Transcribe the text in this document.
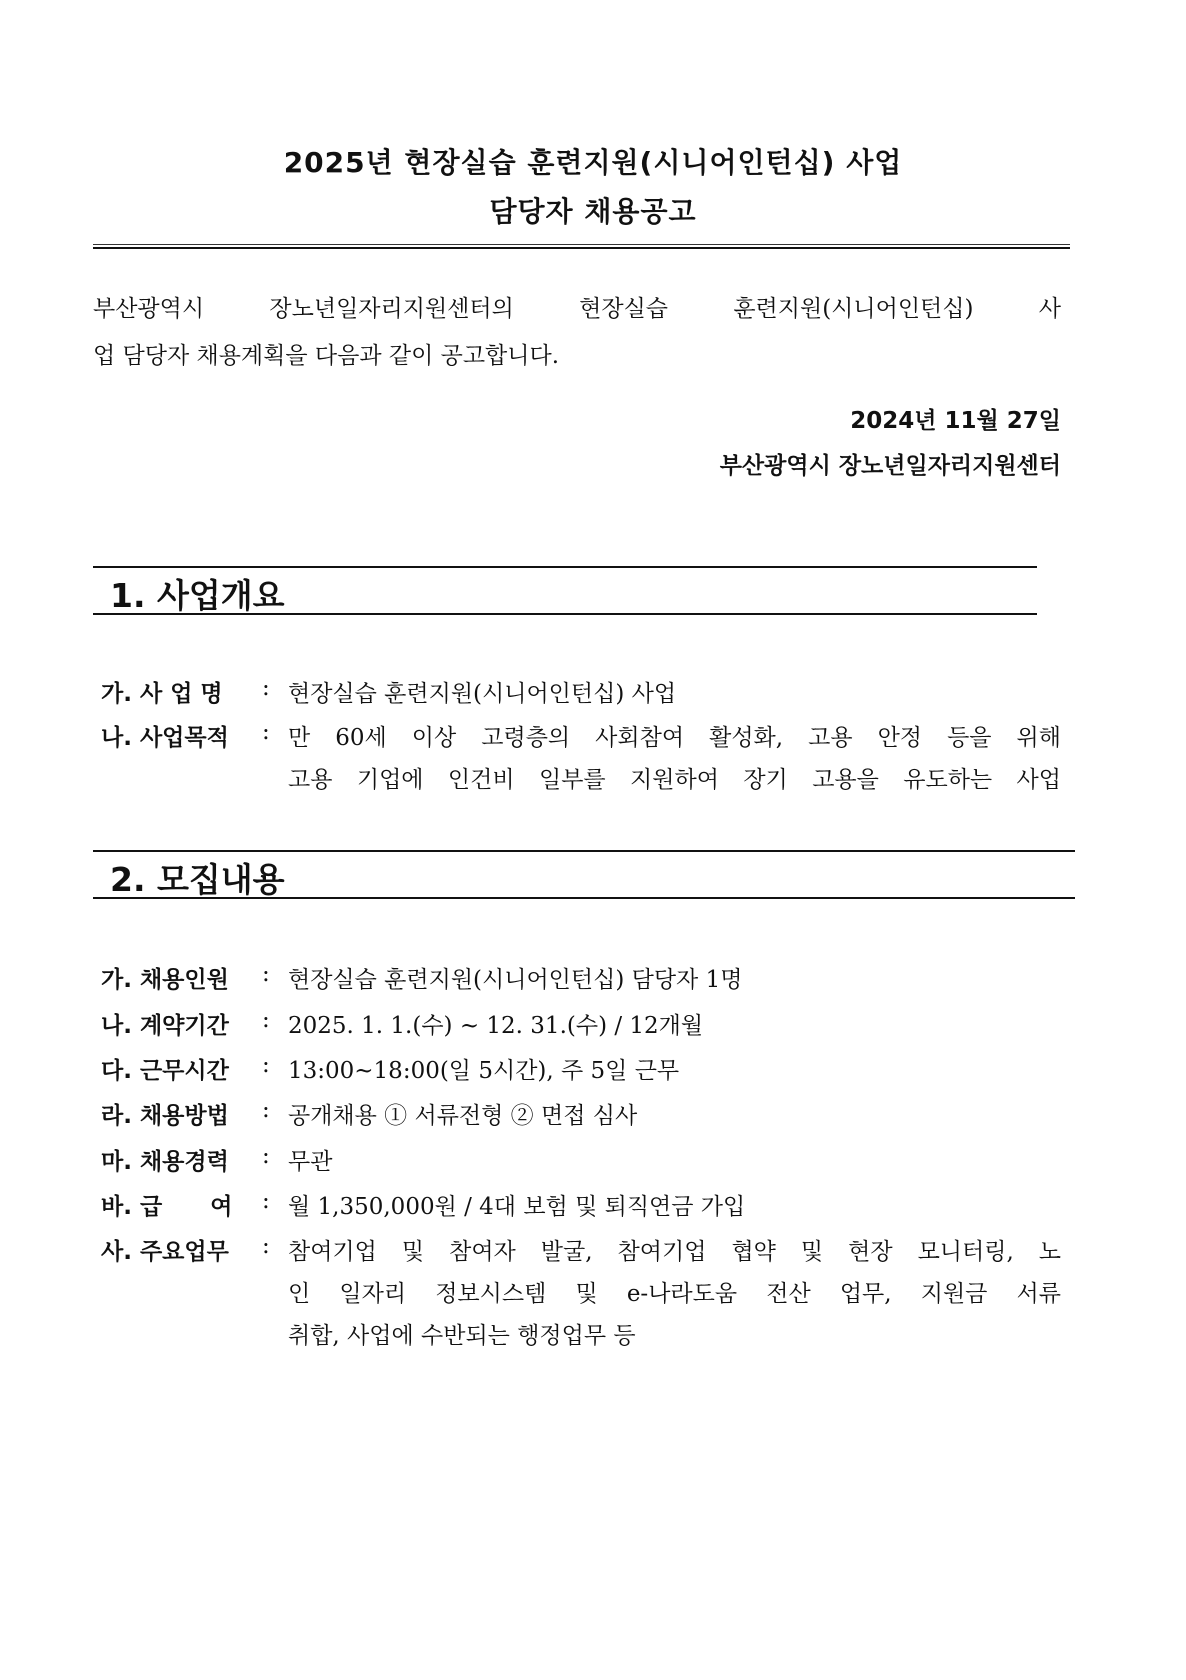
2025년 현장실습 훈련지원(시니어인턴십) 사업
담당자 채용공고
부산광역시 장노년일자리지원센터의 현장실습 훈련지원(시니어인턴십) 사
업 담당자 채용계획을 다음과 같이 공고합니다.
2024년 11월 27일
부산광역시 장노년일자리지원센터
1. 사업개요
가. 사 업 명 : 현장실습 훈련지원(시니어인턴십) 사업
나. 사업목적 : 만 60세 이상 고령층의 사회참여 활성화, 고용 안정 등을 위해
고용 기업에 인건비 일부를 지원하여 장기 고용을 유도하는 사업
2. 모집내용
가. 채용인원 : 현장실습 훈련지원(시니어인턴십) 담당자 1명
나. 계약기간 : 2025. 1. 1.(수) ~ 12. 31.(수) / 12개월
다. 근무시간 : 13:00~18:00(일 5시간), 주 5일 근무
라. 채용방법 : 공개채용 ① 서류전형 ② 면접 심사
마. 채용경력 : 무관
바. 급      여 : 월 1,350,000원 / 4대 보험 및 퇴직연금 가입
사. 주요업무 : 참여기업 및 참여자 발굴, 참여기업 협약 및 현장 모니터링, 노
인 일자리 정보시스템 및 e-나라도움 전산 업무, 지원금 서류
취합, 사업에 수반되는 행정업무 등
